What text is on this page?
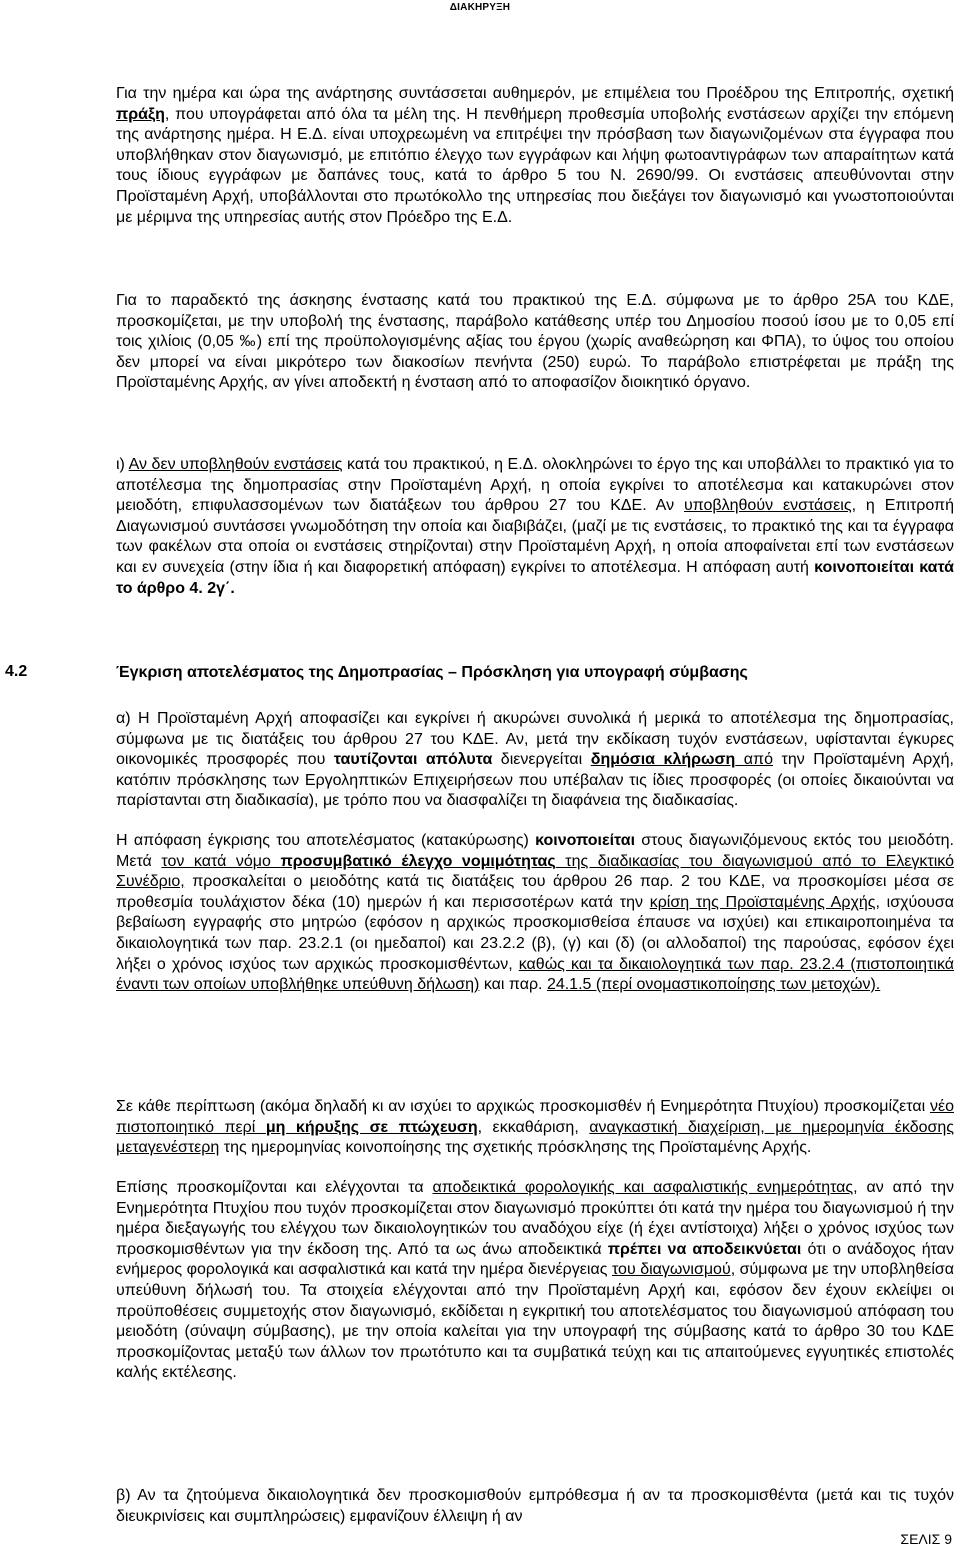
ΔΙΑΚΗΡΥΞΗ

Για την ημέρα και ώρα της ανάρτησης συντάσσεται αυθημερόν, με επιμέλεια του Προέδρου της Επιτροπής, σχετική πράξη, που υπογράφεται από όλα τα μέλη της. Η πενθήμερη προθεσμία υποβολής ενστάσεων αρχίζει την επόμενη της ανάρτησης ημέρα. Η Ε.Δ. είναι υποχρεωμένη να επιτρέψει την πρόσβαση των διαγωνιζομένων στα έγγραφα που υποβλήθηκαν στον διαγωνισμό, με επιτόπιο έλεγχο των εγγράφων και λήψη φωτοαντιγράφων των απαραίτητων κατά τους ίδιους εγγράφων με δαπάνες τους, κατά το άρθρο 5 του Ν. 2690/99. Οι ενστάσεις απευθύνονται στην Προϊσταμένη Αρχή, υποβάλλονται στο πρωτόκολλο της υπηρεσίας που διεξάγει τον διαγωνισμό και γνωστοποιούνται με μέριμνα της υπηρεσίας αυτής στον Πρόεδρο της Ε.Δ.

Για το παραδεκτό της άσκησης ένστασης κατά του πρακτικού της Ε.Δ. σύμφωνα με το άρθρο 25Α του ΚΔΕ, προσκομίζεται, με την υποβολή της ένστασης, παράβολο κατάθεσης υπέρ του Δημοσίου ποσού ίσου με το 0,05 επί τοις χιλίοις (0,05 ‰) επί της προϋπολογισμένης αξίας του έργου (χωρίς αναθεώρηση και ΦΠΑ), το ύψος του οποίου δεν μπορεί να είναι μικρότερο των διακοσίων πενήντα (250) ευρώ. Το παράβολο επιστρέφεται με πράξη της Προϊσταμένης Αρχής, αν γίνει αποδεκτή η ένσταση από το αποφασίζον διοικητικό όργανο.

ι) Αν δεν υποβληθούν ενστάσεις κατά του πρακτικού, η Ε.Δ. ολοκληρώνει το έργο της και υποβάλλει το πρακτικό για το αποτέλεσμα της δημοπρασίας στην Προϊσταμένη Αρχή, η οποία εγκρίνει το αποτέλεσμα και κατακυρώνει στον μειοδότη, επιφυλασσομένων των διατάξεων του άρθρου 27 του ΚΔΕ. Αν υποβληθούν ενστάσεις, η Επιτροπή Διαγωνισμού συντάσσει γνωμοδότηση την οποία και διαβιβάζει, (μαζί με τις ενστάσεις, το πρακτικό της και τα έγγραφα των φακέλων στα οποία οι ενστάσεις στηρίζονται) στην Προϊσταμένη Αρχή, η οποία αποφαίνεται επί των ενστάσεων και εν συνεχεία (στην ίδια ή και διαφορετική απόφαση) εγκρίνει το αποτέλεσμα. Η απόφαση αυτή κοινοποιείται κατά το άρθρο 4. 2γ΄.

4.2	Έγκριση αποτελέσματος της Δημοπρασίας – Πρόσκληση για υπογραφή σύμβασης

α) Η Προϊσταμένη Αρχή αποφασίζει και εγκρίνει ή ακυρώνει συνολικά ή μερικά το αποτέλεσμα της δημοπρασίας, σύμφωνα με τις διατάξεις του άρθρου 27 του ΚΔΕ. Αν, μετά την εκδίκαση τυχόν ενστάσεων, υφίστανται έγκυρες οικονομικές προσφορές που ταυτίζονται απόλυτα διενεργείται δημόσια κλήρωση από την Προϊσταμένη Αρχή, κατόπιν πρόσκλησης των Εργοληπτικών Επιχειρήσεων που υπέβαλαν τις ίδιες προσφορές (οι οποίες δικαιούνται να παρίστανται στη διαδικασία), με τρόπο που να διασφαλίζει τη διαφάνεια της διαδικασίας.

Η απόφαση έγκρισης του αποτελέσματος (κατακύρωσης) κοινοποιείται στους διαγωνιζόμενους εκτός του μειοδότη. Μετά τον κατά νόμο προσυμβατικό έλεγχο νομιμότητας της διαδικασίας του διαγωνισμού από το Ελεγκτικό Συνέδριο, προσκαλείται ο μειοδότης κατά τις διατάξεις του άρθρου 26 παρ. 2 του ΚΔΕ, να προσκομίσει μέσα σε προθεσμία τουλάχιστον δέκα (10) ημερών ή και περισσοτέρων κατά την κρίση της Προϊσταμένης Αρχής, ισχύουσα βεβαίωση εγγραφής στο μητρώο (εφόσον η αρχικώς προσκομισθείσα έπαυσε να ισχύει) και επικαιροποιημένα τα δικαιολογητικά των παρ. 23.2.1 (οι ημεδαποί) και 23.2.2 (β), (γ) και (δ) (οι αλλοδαποί) της παρούσας, εφόσον έχει λήξει ο χρόνος ισχύος των αρχικώς προσκομισθέντων, καθώς και τα δικαιολογητικά των παρ. 23.2.4 (πιστοποιητικά έναντι των οποίων υποβλήθηκε υπεύθυνη δήλωση) και παρ. 24.1.5 (περί ονομαστικοποίησης των μετοχών).

Σε κάθε περίπτωση (ακόμα δηλαδή κι αν ισχύει το αρχικώς προσκομισθέν ή Ενημερότητα Πτυχίου) προσκομίζεται νέο πιστοποιητικό περί μη κήρυξης σε πτώχευση, εκκαθάριση, αναγκαστική διαχείριση, με ημερομηνία έκδοσης μεταγενέστερη της ημερομηνίας κοινοποίησης της σχετικής πρόσκλησης της Προϊσταμένης Αρχής.

Επίσης προσκομίζονται και ελέγχονται τα αποδεικτικά φορολογικής και ασφαλιστικής ενημερότητας, αν από την Ενημερότητα Πτυχίου που τυχόν προσκομίζεται στον διαγωνισμό προκύπτει ότι κατά την ημέρα του διαγωνισμού ή την ημέρα διεξαγωγής του ελέγχου των δικαιολογητικών του αναδόχου είχε (ή έχει αντίστοιχα) λήξει ο χρόνος ισχύος των προσκομισθέντων για την έκδοση της. Από τα ως άνω αποδεικτικά πρέπει να αποδεικνύεται ότι ο ανάδοχος ήταν ενήμερος φορολογικά και ασφαλιστικά και κατά την ημέρα διενέργειας του διαγωνισμού, σύμφωνα με την υποβληθείσα υπεύθυνη δήλωσή του. Τα στοιχεία ελέγχονται από την Προϊσταμένη Αρχή και, εφόσον δεν έχουν εκλείψει οι προϋποθέσεις συμμετοχής στον διαγωνισμό, εκδίδεται η εγκριτική του αποτελέσματος του διαγωνισμού απόφαση του μειοδότη (σύναψη σύμβασης), με την οποία καλείται για την υπογραφή της σύμβασης κατά το άρθρο 30 του ΚΔΕ προσκομίζοντας μεταξύ των άλλων τον πρωτότυπο και τα συμβατικά τεύχη και τις απαιτούμενες εγγυητικές επιστολές καλής εκτέλεσης.

β) Αν τα ζητούμενα δικαιολογητικά δεν προσκομισθούν εμπρόθεσμα ή αν τα προσκομισθέντα (μετά και τις τυχόν διευκρινίσεις και συμπληρώσεις) εμφανίζουν έλλειψη ή αν

ΣΕΛΙΣ 9
